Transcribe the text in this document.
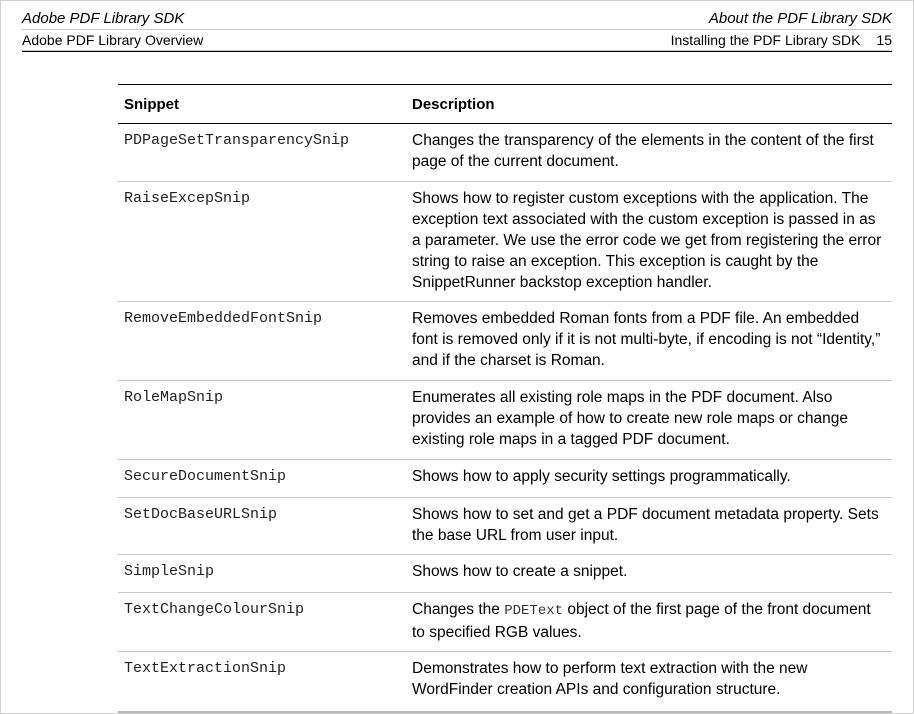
Adobe PDF Library SDK	About the PDF Library SDK
Adobe PDF Library Overview	Installing the PDF Library SDK 15
Snippet	Description
PDPageSetTransparencySnip	Changes the transparency of the elements in the content of the first page of the current document.
RaiseExcepSnip	Shows how to register custom exceptions with the application. The exception text associated with the custom exception is passed in as a parameter. We use the error code we get from registering the error string to raise an exception. This exception is caught by the SnippetRunner backstop exception handler.
RemoveEmbeddedFontSnip	Removes embedded Roman fonts from a PDF file. An embedded font is removed only if it is not multi-byte, if encoding is not “Identity,” and if the charset is Roman.
RoleMapSnip	Enumerates all existing role maps in the PDF document. Also provides an example of how to create new role maps or change existing role maps in a tagged PDF document.
SecureDocumentSnip	Shows how to apply security settings programmatically.
SetDocBaseURLSnip	Shows how to set and get a PDF document metadata property. Sets the base URL from user input.
SimpleSnip	Shows how to create a snippet.
TextChangeColourSnip	Changes the PDEText object of the first page of the front document to specified RGB values.
TextExtractionSnip	Demonstrates how to perform text extraction with the new WordFinder creation APIs and configuration structure.
